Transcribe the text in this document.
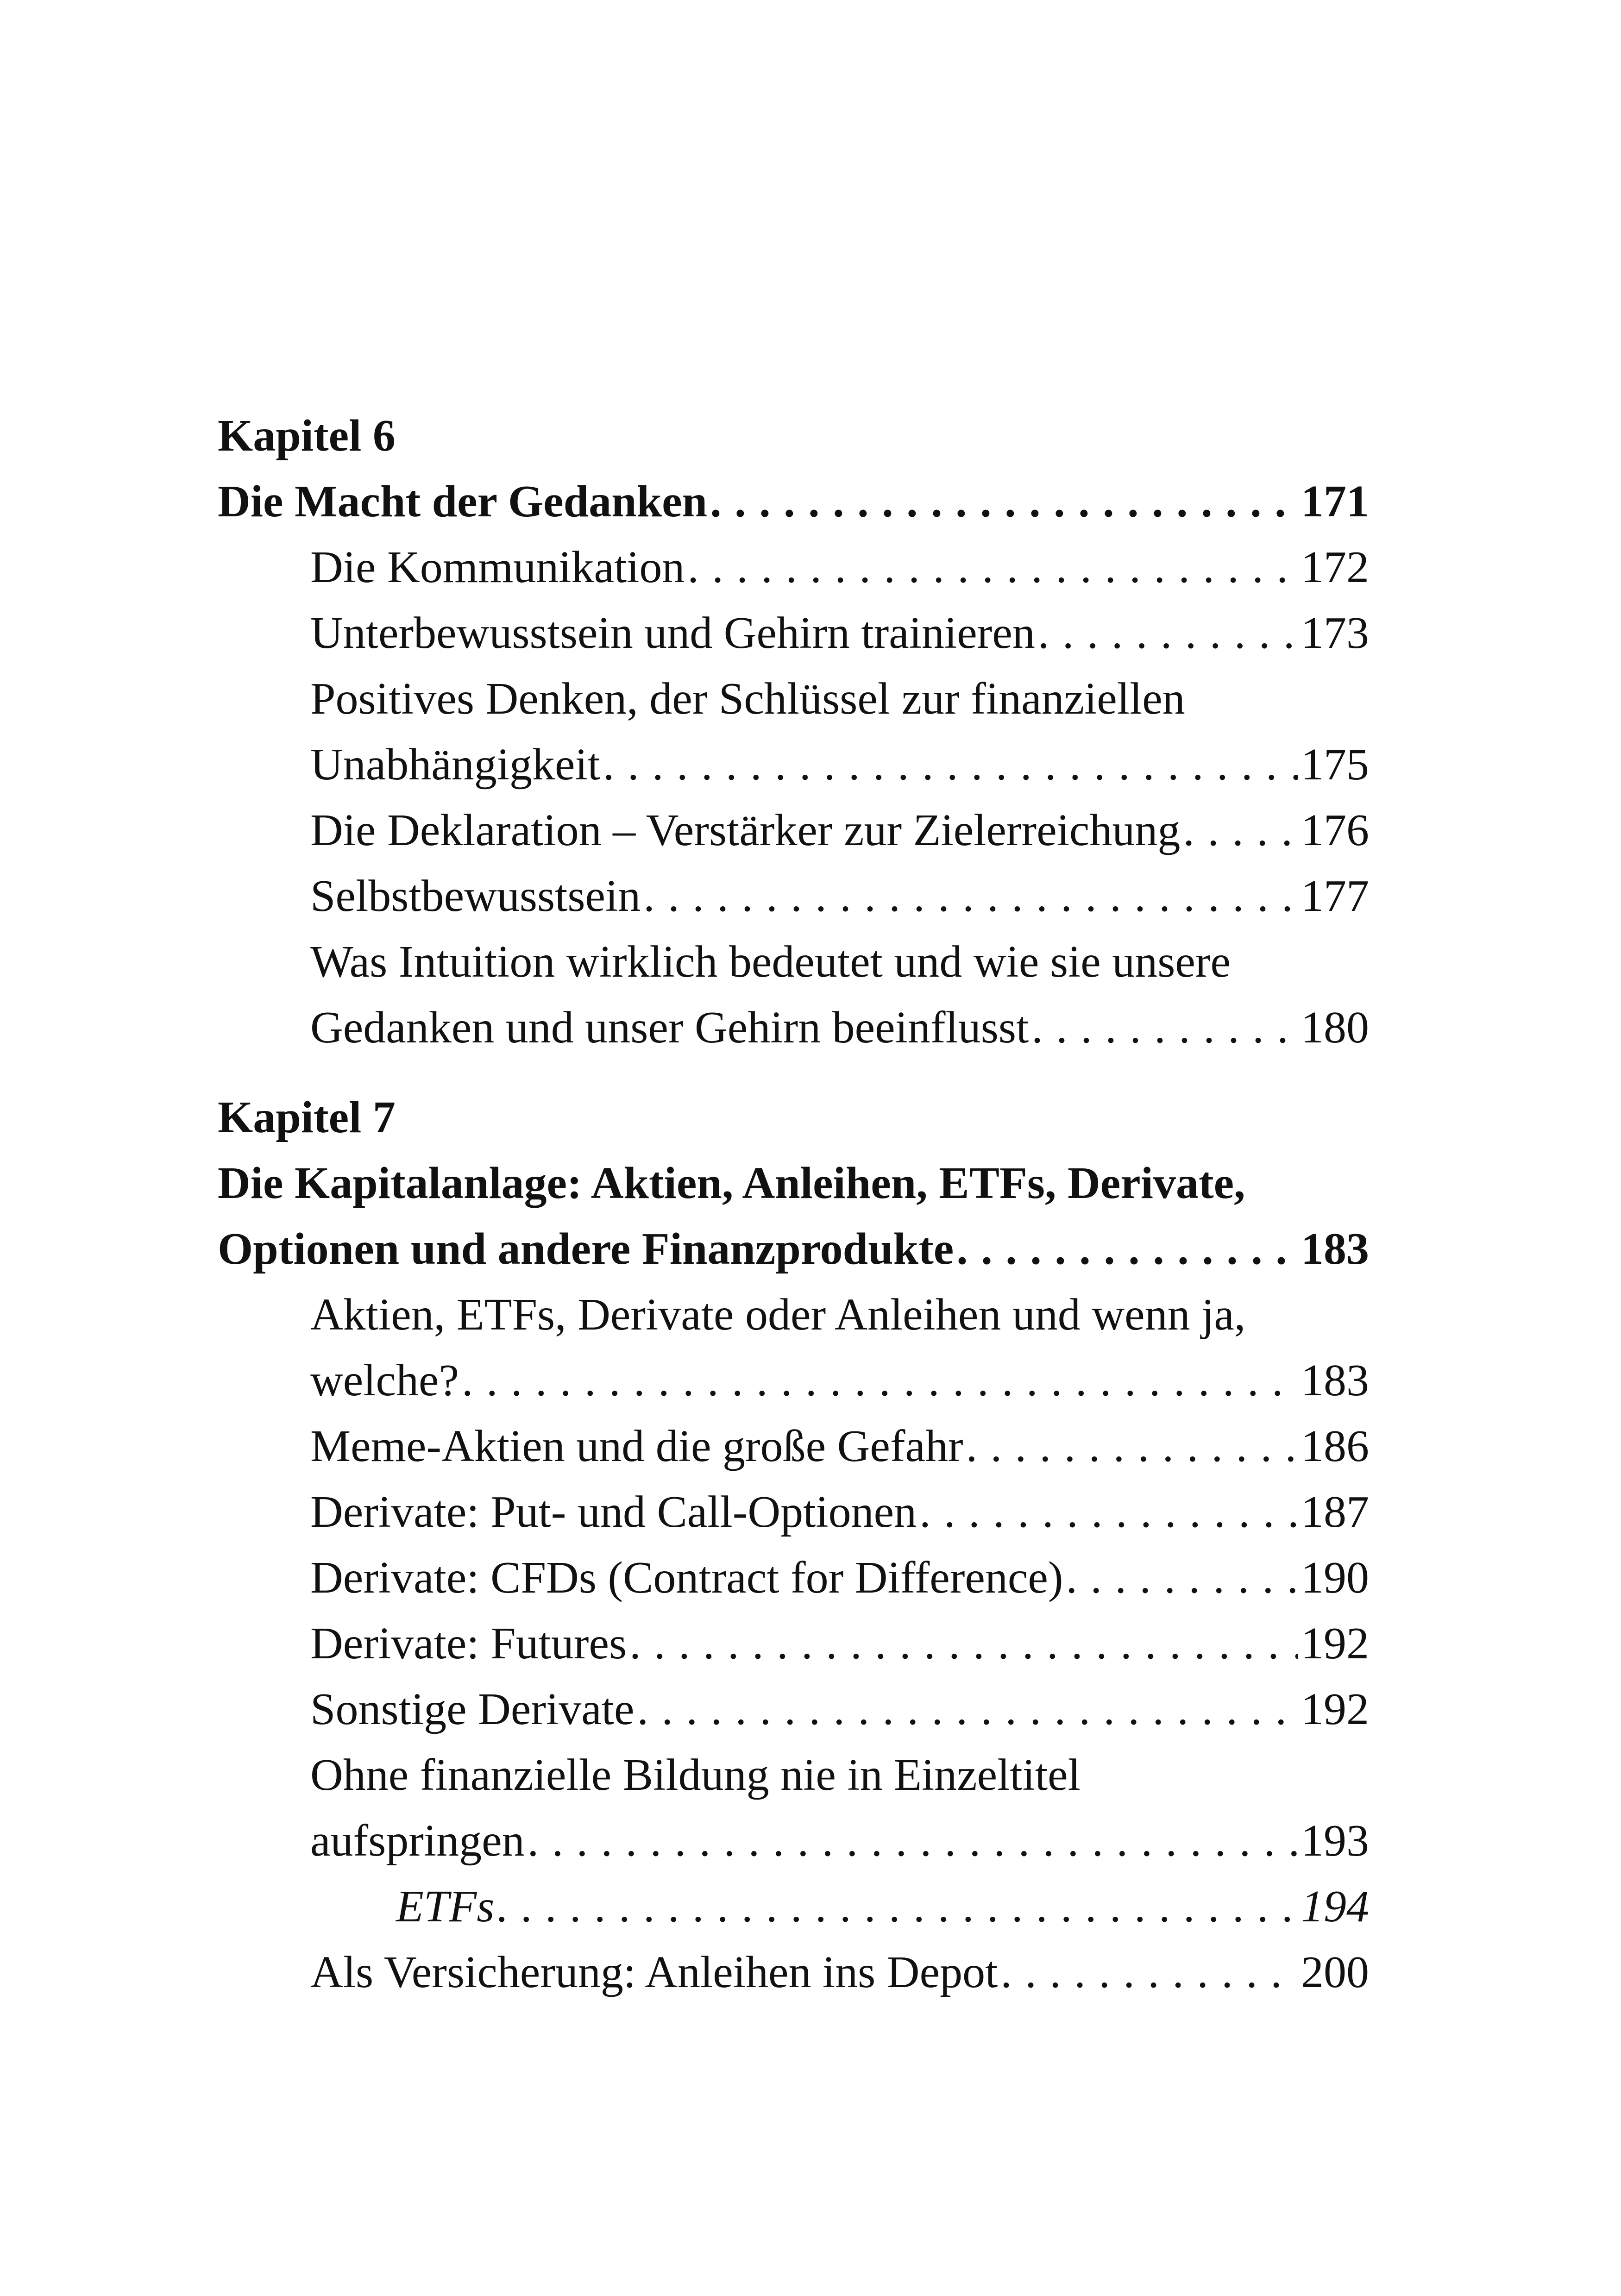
Kapitel 6
Die Macht der Gedanken . . .	171
Die Kommunikation . . .	172
Unterbewusstsein und Gehirn trainieren . . .	173
Positives Denken, der Schlüssel zur finanziellen
Unabhängigkeit . . .	175
Die Deklaration – Verstärker zur Zielerreichung . . .	176
Selbstbewusstsein . . .	177
Was Intuition wirklich bedeutet und wie sie unsere
Gedanken und unser Gehirn beeinflusst . . .	180
Kapitel 7
Die Kapitalanlage: Aktien, Anleihen, ETFs, Derivate,
Optionen und andere Finanzprodukte . . .	183
Aktien, ETFs, Derivate oder Anleihen und wenn ja,
welche? . . .	183
Meme-Aktien und die große Gefahr . . .	186
Derivate: Put- und Call-Optionen . . .	187
Derivate: CFDs (Contract for Difference) . . .	190
Derivate: Futures . . .	192
Sonstige Derivate . . .	192
Ohne finanzielle Bildung nie in Einzeltitel
aufspringen . . .	193
ETFs . . .	194
Als Versicherung: Anleihen ins Depot . . .	200
